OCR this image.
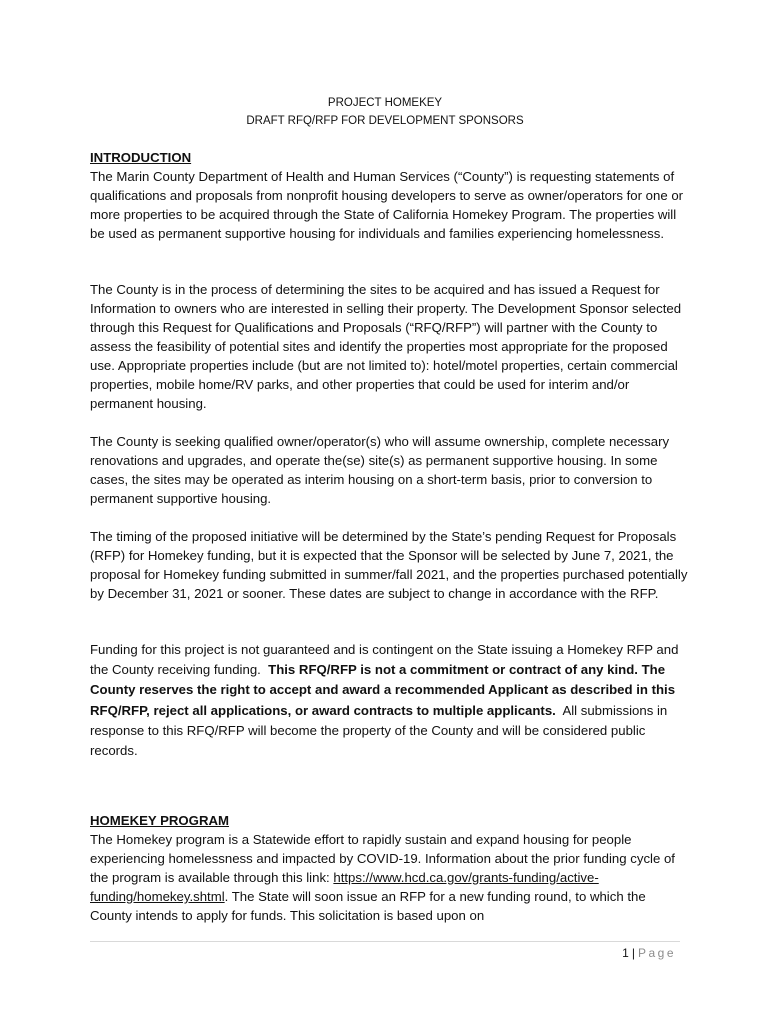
PROJECT HOMEKEY
DRAFT RFQ/RFP FOR DEVELOPMENT SPONSORS
INTRODUCTION

The Marin County Department of Health and Human Services (“County”) is requesting statements of qualifications and proposals from nonprofit housing developers to serve as owner/operators for one or more properties to be acquired through the State of California Homekey Program. The properties will be used as permanent supportive housing for individuals and families experiencing homelessness.

The County is in the process of determining the sites to be acquired and has issued a Request for Information to owners who are interested in selling their property. The Development Sponsor selected through this Request for Qualifications and Proposals (“RFQ/RFP”) will partner with the County to assess the feasibility of potential sites and identify the properties most appropriate for the proposed use. Appropriate properties include (but are not limited to): hotel/motel properties, certain commercial properties, mobile home/RV parks, and other properties that could be used for interim and/or permanent housing.

The County is seeking qualified owner/operator(s) who will assume ownership, complete necessary renovations and upgrades, and operate the(se) site(s) as permanent supportive housing. In some cases, the sites may be operated as interim housing on a short-term basis, prior to conversion to permanent supportive housing.

The timing of the proposed initiative will be determined by the State’s pending Request for Proposals (RFP) for Homekey funding, but it is expected that the Sponsor will be selected by June 7, 2021, the proposal for Homekey funding submitted in summer/fall 2021, and the properties purchased potentially by December 31, 2021 or sooner. These dates are subject to change in accordance with the RFP.

Funding for this project is not guaranteed and is contingent on the State issuing a Homekey RFP and the County receiving funding. This RFQ/RFP is not a commitment or contract of any kind. The County reserves the right to accept and award a recommended Applicant as described in this RFQ/RFP, reject all applications, or award contracts to multiple applicants. All submissions in response to this RFQ/RFP will become the property of the County and will be considered public records.

HOMEKEY PROGRAM

The Homekey program is a Statewide effort to rapidly sustain and expand housing for people experiencing homelessness and impacted by COVID-19. Information about the prior funding cycle of the program is available through this link: https://www.hcd.ca.gov/grants-funding/active-funding/homekey.shtml. The State will soon issue an RFP for a new funding round, to which the County intends to apply for funds. This solicitation is based upon on

1 | Page
